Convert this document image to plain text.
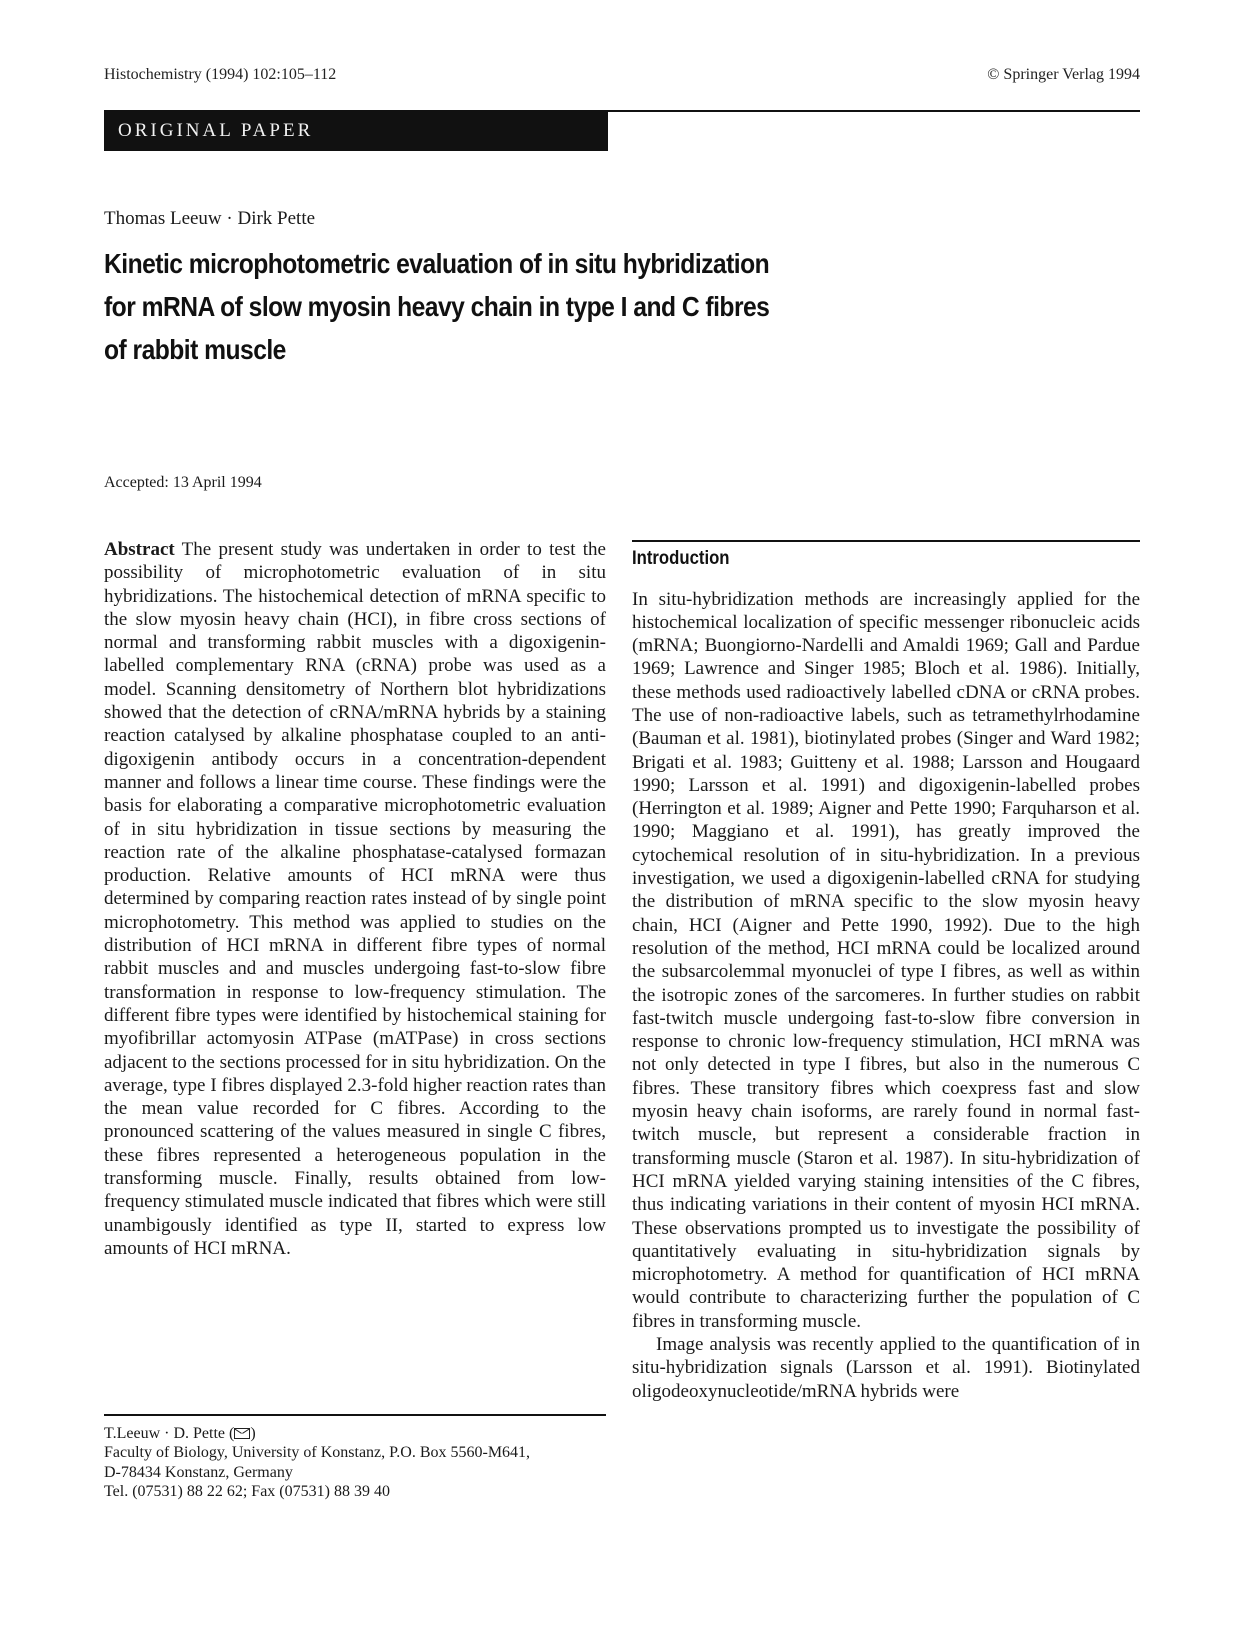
Histochemistry (1994) 102:105–112	© Springer Verlag 1994
ORIGINAL PAPER
Thomas Leeuw · Dirk Pette
Kinetic microphotometric evaluation of in situ hybridization
for mRNA of slow myosin heavy chain in type I and C fibres
of rabbit muscle
Accepted: 13 April 1994

Abstract The present study was undertaken in order to test the possibility of microphotometric evaluation of in situ hybridizations. The histochemical detection of mRNA specific to the slow myosin heavy chain (HCI), in fibre cross sections of normal and transforming rabbit muscles with a digoxigenin-labelled complementary RNA (cRNA) probe was used as a model. Scanning densitometry of Northern blot hybridizations showed that the detection of cRNA/mRNA hybrids by a staining reaction catalysed by alkaline phosphatase coupled to an anti-digoxigenin antibody occurs in a concentration-dependent manner and follows a linear time course. These findings were the basis for elaborating a comparative microphotometric evaluation of in situ hybridization in tissue sections by measuring the reaction rate of the alkaline phosphatase-catalysed formazan production. Relative amounts of HCI mRNA were thus determined by comparing reaction rates instead of by single point microphotometry. This method was applied to studies on the distribution of HCI mRNA in different fibre types of normal rabbit muscles and and muscles undergoing fast-to-slow fibre transformation in response to low-frequency stimulation. The different fibre types were identified by histochemical staining for myofibrillar actomyosin ATPase (mATPase) in cross sections adjacent to the sections processed for in situ hybridization. On the average, type I fibres displayed 2.3-fold higher reaction rates than the mean value recorded for C fibres. According to the pronounced scattering of the values measured in single C fibres, these fibres represented a heterogeneous population in the transforming muscle. Finally, results obtained from low-frequency stimulated muscle indicated that fibres which were still unambigously identified as type II, started to express low amounts of HCI mRNA.

T.Leeuw · D. Pette ( )
Faculty of Biology, University of Konstanz, P.O. Box 5560-M641,
D-78434 Konstanz, Germany
Tel. (07531) 88 22 62; Fax (07531) 88 39 40
Introduction

In situ-hybridization methods are increasingly applied for the histochemical localization of specific messenger ribonucleic acids (mRNA; Buongiorno-Nardelli and Amaldi 1969; Gall and Pardue 1969; Lawrence and Singer 1985; Bloch et al. 1986). Initially, these methods used radioactively labelled cDNA or cRNA probes. The use of non-radioactive labels, such as tetramethylrhodamine (Bauman et al. 1981), biotinylated probes (Singer and Ward 1982; Brigati et al. 1983; Guitteny et al. 1988; Larsson and Hougaard 1990; Larsson et al. 1991) and digoxigenin-labelled probes (Herrington et al. 1989; Aigner and Pette 1990; Farquharson et al. 1990; Maggiano et al. 1991), has greatly improved the cytochemical resolution of in situ-hybridization. In a previous investigation, we used a digoxigenin-labelled cRNA for studying the distribution of mRNA specific to the slow myosin heavy chain, HCI (Aigner and Pette 1990, 1992). Due to the high resolution of the method, HCI mRNA could be localized around the subsarcolemmal myonuclei of type I fibres, as well as within the isotropic zones of the sarcomeres. In further studies on rabbit fast-twitch muscle undergoing fast-to-slow fibre conversion in response to chronic low-frequency stimulation, HCI mRNA was not only detected in type I fibres, but also in the numerous C fibres. These transitory fibres which coexpress fast and slow myosin heavy chain isoforms, are rarely found in normal fast-twitch muscle, but represent a considerable fraction in transforming muscle (Staron et al. 1987). In situ-hybridization of HCI mRNA yielded varying staining intensities of the C fibres, thus indicating variations in their content of myosin HCI mRNA. These observations prompted us to investigate the possibility of quantitatively evaluating in situ-hybridization signals by microphotometry. A method for quantification of HCI mRNA would contribute to characterizing further the population of C fibres in transforming muscle.

Image analysis was recently applied to the quantification of in situ-hybridization signals (Larsson et al. 1991). Biotinylated oligodeoxynucleotide/mRNA hybrids were
